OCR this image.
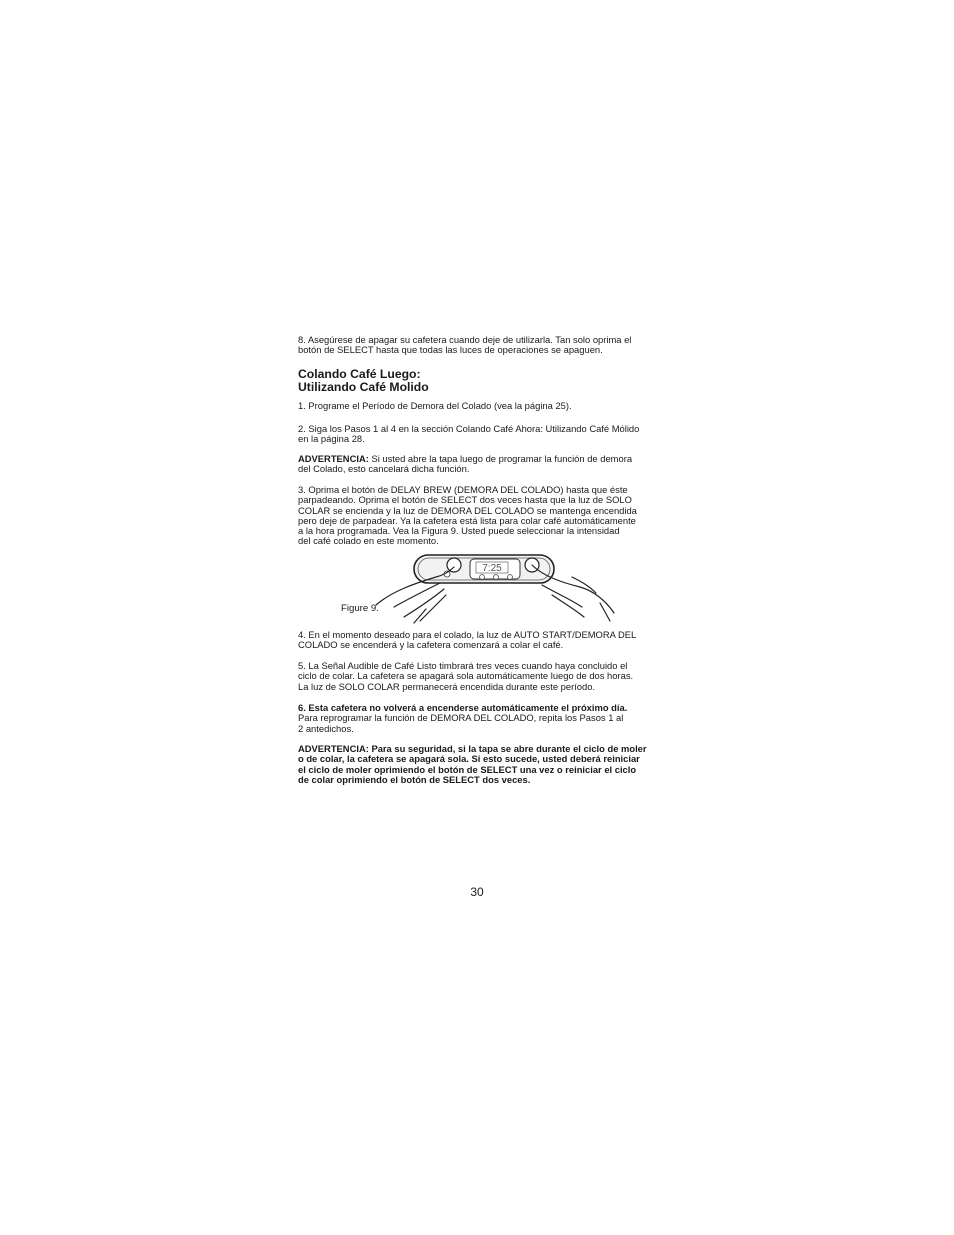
8. Asegúrese de apagar su cafetera cuando deje de utilizarla. Tan solo oprima el
botón de SELECT hasta que todas las luces de operaciones se apaguen.

Colando Café Luego:
Utilizando Café Molido

1. Programe el Período de Demora del Colado (vea la página 25).

2. Siga los Pasos 1 al 4 en la sección Colando Café Ahora: Utilizando Café Mólido
en la página 28.

ADVERTENCIA: Si usted abre la tapa luego de programar la función de demora
del Colado, esto cancelará dicha función.

3. Oprima el botón de DELAY BREW (DEMORA DEL COLADO) hasta que éste
parpadeando. Oprima el botón de SELECT dos veces hasta que la luz de SOLO
COLAR se encienda y la luz de DEMORA DEL COLADO se mantenga encendida
pero deje de parpadear. Ya la cafetera está lista para colar café automáticamente
a la hora programada. Vea la Figura 9. Usted puede seleccionar la intensidad
del café colado en este momento.

Figure 9.
7:25

4. En el momento deseado para el colado, la luz de AUTO START/DEMORA DEL
COLADO se encenderá y la cafetera comenzará a colar el café.

5. La Señal Audible de Café Listo timbrará tres veces cuando haya concluido el
ciclo de colar. La cafetera se apagará sola automáticamente luego de dos horas.
La luz de SOLO COLAR permanecerá encendida durante este período.

6. Esta cafetera no volverá a encenderse automáticamente el próximo día.

Para reprogramar la función de DEMORA DEL COLADO, repita los Pasos 1 al
2 antedichos.

ADVERTENCIA: Para su seguridad, si la tapa se abre durante el ciclo de moler
o de colar, la cafetera se apagará sola. Si esto sucede, usted deberá reiniciar
el ciclo de moler oprimiendo el botón de SELECT una vez o reiniciar el ciclo
de colar oprimiendo el botón de SELECT dos veces.

30
